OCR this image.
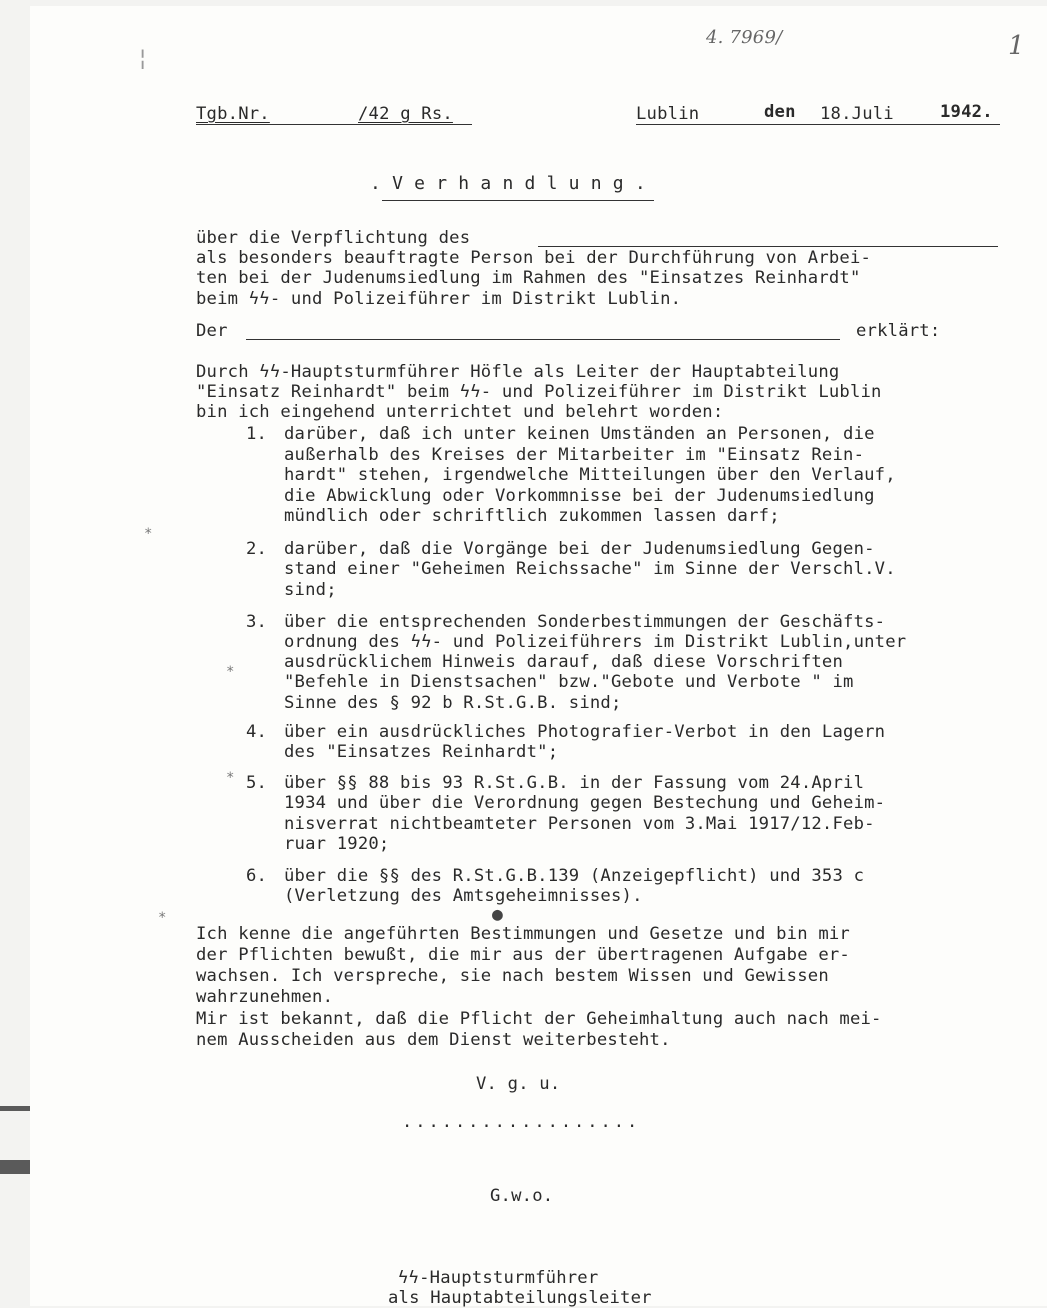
4. 7969/	1
Tgb.Nr.	/42 g Rs.	Lublin	den 18.Juli	1942.
. V e r h a n d l u n g .
über die Verpflichtung des
als besonders beauftragte Person bei der Durchführung von Arbei-
ten bei der Judenumsiedlung im Rahmen des "Einsatzes Reinhardt"
beim ϟϟ- und Polizeiführer im Distrikt Lublin.
Der	erklärt:
Durch ϟϟ-Hauptsturmführer Höfle als Leiter der Hauptabteilung
"Einsatz Reinhardt" beim ϟϟ- und Polizeiführer im Distrikt Lublin
bin ich eingehend unterrichtet und belehrt worden:
1. darüber, daß ich unter keinen Umständen an Personen, die
außerhalb des Kreises der Mitarbeiter im "Einsatz Rein-
hardt" stehen, irgendwelche Mitteilungen über den Verlauf,
die Abwicklung oder Vorkommnisse bei der Judenumsiedlung
mündlich oder schriftlich zukommen lassen darf;
2. darüber, daß die Vorgänge bei der Judenumsiedlung Gegen-
stand einer "Geheimen Reichssache" im Sinne der Verschl.V.
sind;
3. über die entsprechenden Sonderbestimmungen der Geschäfts-
ordnung des ϟϟ- und Polizeiführers im Distrikt Lublin,unter
ausdrücklichem Hinweis darauf, daß diese Vorschriften
"Befehle in Dienstsachen" bzw."Gebote und Verbote " im
Sinne des § 92 b R.St.G.B. sind;
4. über ein ausdrückliches Photografier-Verbot in den Lagern
des "Einsatzes Reinhardt";
5. über §§ 88 bis 93 R.St.G.B. in der Fassung vom 24.April
1934 und über die Verordnung gegen Bestechung und Geheim-
nisverrat nichtbeamteter Personen vom 3.Mai 1917/12.Feb-
ruar 1920;
6. über die §§ des R.St.G.B.139 (Anzeigepflicht) und 353 c
(Verletzung des Amtsgeheimnisses).
Ich kenne die angeführten Bestimmungen und Gesetze und bin mir
der Pflichten bewußt, die mir aus der übertragenen Aufgabe er-
wachsen. Ich verspreche, sie nach bestem Wissen und Gewissen
wahrzunehmen.
Mir ist bekannt, daß die Pflicht der Geheimhaltung auch nach mei-
nem Ausscheiden aus dem Dienst weiterbesteht.
V. g. u.
..................
G.w.o.
ϟϟ-Hauptsturmführer
als Hauptabteilungsleiter
*
*
*
*	●
¦
